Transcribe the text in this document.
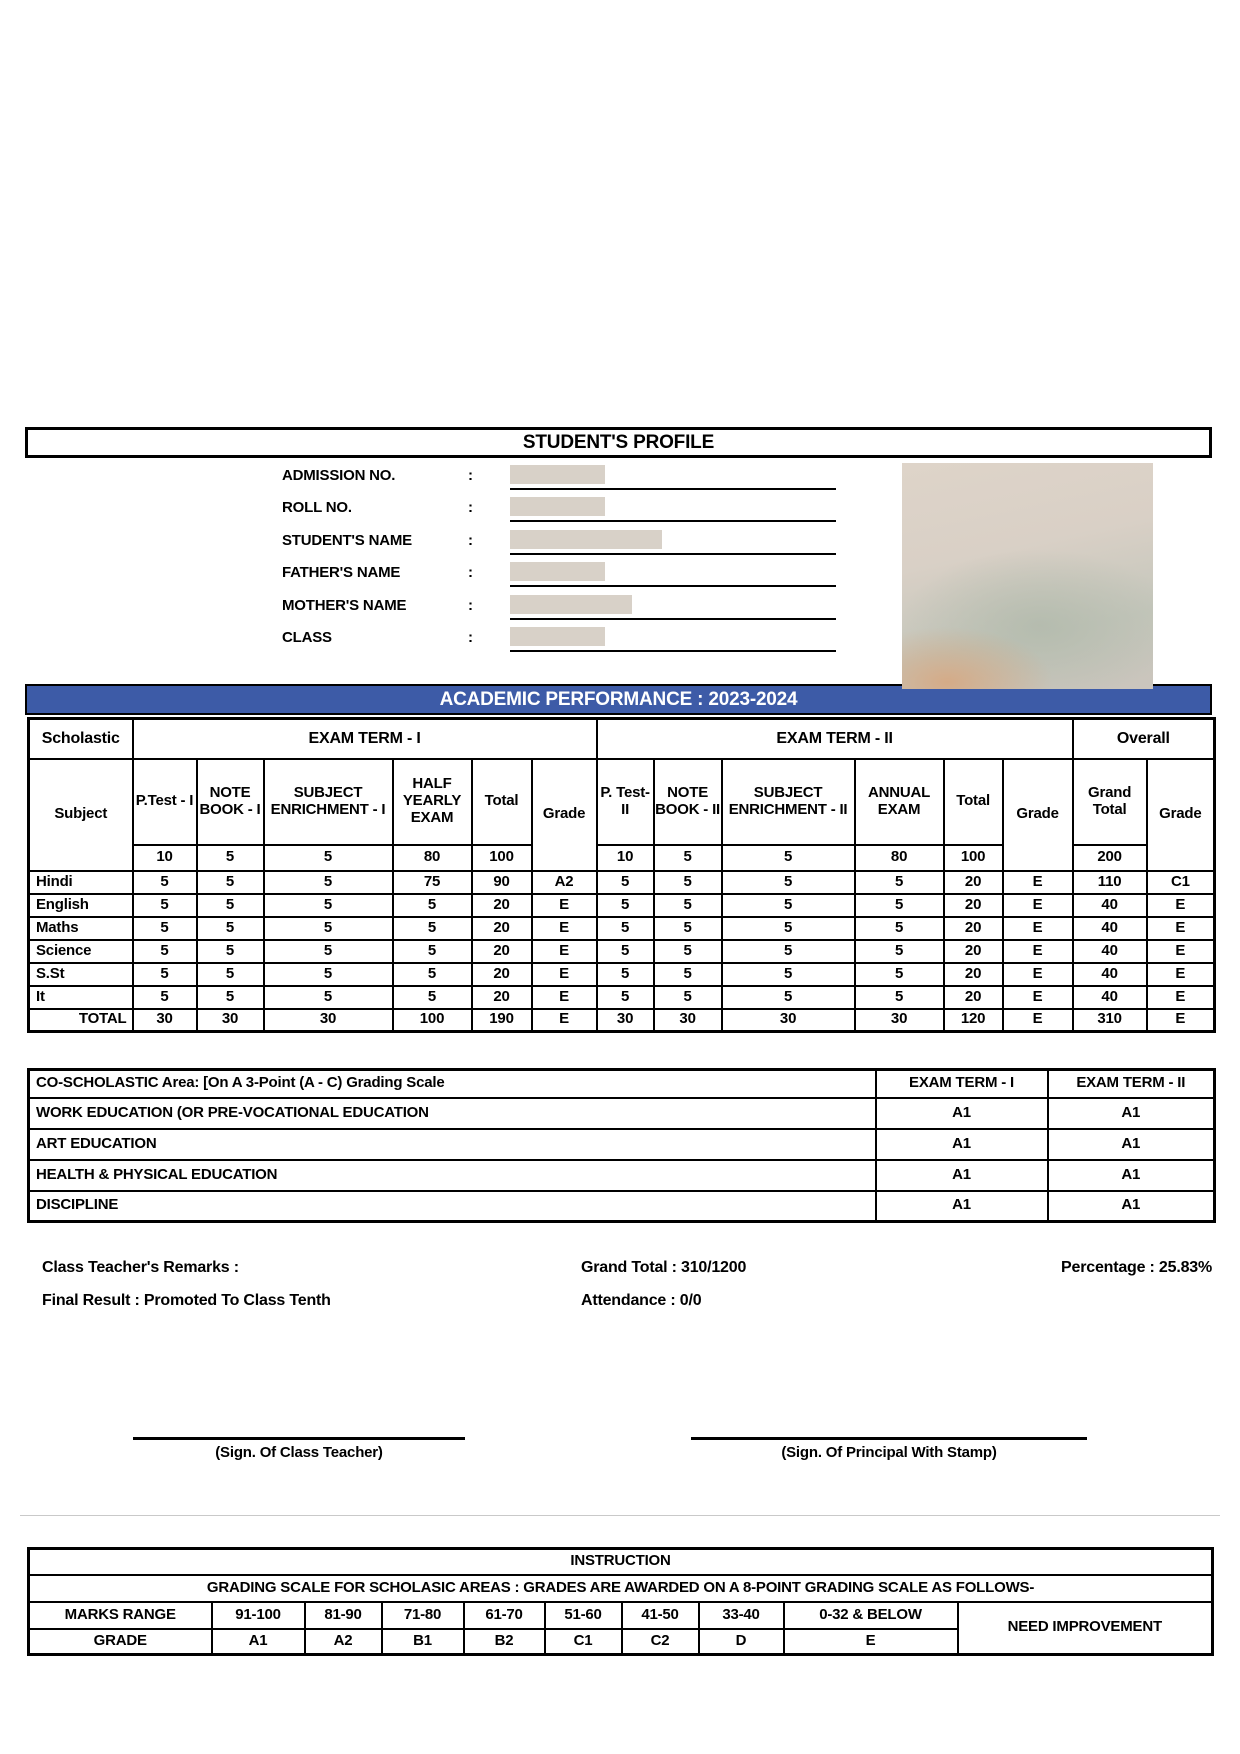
STUDENT'S PROFILE
ADMISSION NO.	:
ROLL NO.	:
STUDENT'S NAME	:
FATHER'S NAME	:
MOTHER'S NAME	:
CLASS	:
ACADEMIC PERFORMANCE : 2023-2024
Scholastic	EXAM TERM - I						EXAM TERM - II						Overall	
Subject	P.Test - I	NOTE BOOK - I	SUBJECT ENRICHMENT - I	HALF YEARLY EXAM	Total	Grade	P. Test- II	NOTE BOOK - II	SUBJECT ENRICHMENT - II	ANNUAL EXAM	Total	Grade	Grand Total	Grade
	10	5	5	80	100		10	5	5	80	100		200	
Hindi	5	5	5	75	90	A2	5	5	5	5	20	E	110	C1
English	5	5	5	5	20	E	5	5	5	5	20	E	40	E
Maths	5	5	5	5	20	E	5	5	5	5	20	E	40	E
Science	5	5	5	5	20	E	5	5	5	5	20	E	40	E
S.St	5	5	5	5	20	E	5	5	5	5	20	E	40	E
It	5	5	5	5	20	E	5	5	5	5	20	E	40	E
TOTAL	30	30	30	100	190	E	30	30	30	30	120	E	310	E
CO-SCHOLASTIC Area: [On A 3-Point (A - C) Grading Scale	EXAM TERM - I	EXAM TERM - II
WORK EDUCATION (OR PRE-VOCATIONAL EDUCATION	A1	A1
ART EDUCATION	A1	A1
HEALTH & PHYSICAL EDUCATION	A1	A1
DISCIPLINE	A1	A1
Class Teacher's Remarks :	Grand Total : 310/1200	Percentage : 25.83%
Final Result : Promoted To Class Tenth	Attendance : 0/0
(Sign. Of Class Teacher)	(Sign. Of Principal With Stamp)
INSTRUCTION									
GRADING SCALE FOR SCHOLASIC AREAS : GRADES ARE AWARDED ON A 8-POINT GRADING SCALE AS FOLLOWS-									
MARKS RANGE	91-100	81-90	71-80	61-70	51-60	41-50	33-40	0-32 & BELOW	NEED IMPROVEMENT
GRADE	A1	A2	B1	B2	C1	C2	D	E	
